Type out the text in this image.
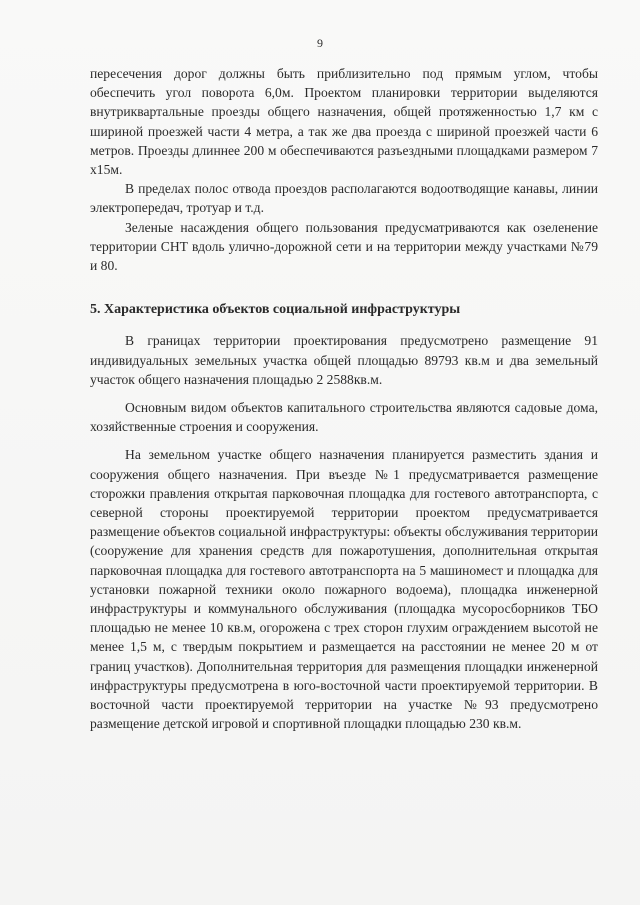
9

пересечения дорог должны быть приблизительно под прямым углом, чтобы обеспечить угол поворота 6,0м. Проектом планировки территории выделяются внутриквартальные проезды общего назначения, общей протяженностью 1,7 км с шириной проезжей части 4 метра, а так же два проезда с шириной проезжей части 6 метров. Проезды длиннее 200 м обеспечиваются разъездными площадками размером 7 х15м.

В пределах полос отвода проездов располагаются водоотводящие канавы, линии электропередач, тротуар и т.д.

Зеленые насаждения общего пользования предусматриваются как озеленение территории СНТ вдоль улично-дорожной сети и на территории между участками №79 и 80.

5. Характеристика объектов социальной инфраструктуры

В границах территории проектирования предусмотрено размещение 91 индивидуальных земельных участка общей площадью 89793 кв.м и два земельный участок общего назначения площадью 2 2588кв.м.

Основным видом объектов капитального строительства являются садовые дома, хозяйственные строения и сооружения.

На земельном участке общего назначения планируется разместить здания и сооружения общего назначения. При въезде №1 предусматривается размещение сторожки правления открытая парковочная площадка для гостевого автотранспорта, с северной стороны проектируемой территории проектом предусматривается размещение объектов социальной инфраструктуры: объекты обслуживания территории (сооружение для хранения средств для пожаротушения, дополнительная открытая парковочная площадка для гостевого автотранспорта на 5 машиномест и площадка для установки пожарной техники около пожарного водоема), площадка инженерной инфраструктуры и коммунального обслуживания (площадка мусоросборников ТБО площадью не менее 10 кв.м, огорожена с трех сторон глухим ограждением высотой не менее 1,5 м, с твердым покрытием и размещается на расстоянии не менее 20 м от границ участков). Дополнительная территория для размещения площадки инженерной инфраструктуры предусмотрена в юго-восточной части проектируемой территории. В восточной части проектируемой территории на участке №93 предусмотрено размещение детской игровой и спортивной площадки площадью 230 кв.м.
